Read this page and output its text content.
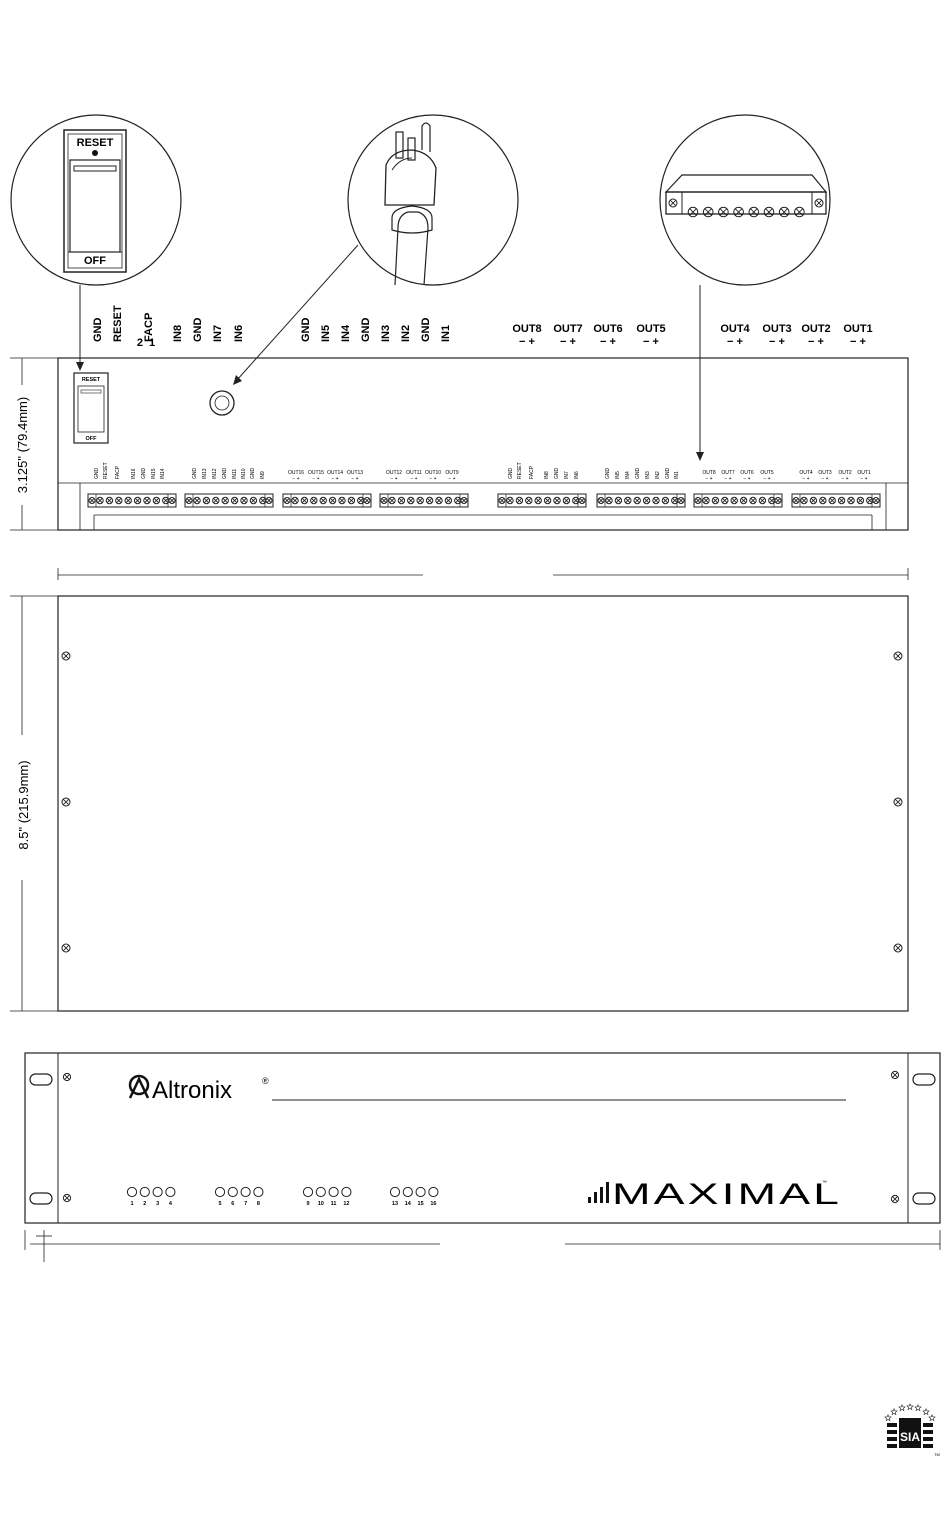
RESET
OFF
GND RESET FACP IN8 GND IN7 IN6
2  1
GND IN5 IN4 GND IN3 IN2 GND IN1	OUT8
− +
OUT7
− +
OUT6
− +
OUT5
− +
OUT4
− +
OUT3
− +
OUT2
− +
OUT1
− +
RESET
OFF
GND RESET FACP IN16 GND IN15 IN14	GND IN13 IN12 GND IN11 IN10 GND IN9	OUT16
− +
OUT15
− +
OUT14
− +
OUT13
− +
OUT12
− +
OUT11
− +
OUT10
− +
OUT9
− +	GND RESET FACP IN8 GND IN7 IN6	GND IN5 IN4 GND IN3 IN2 GND IN1	OUT8
− +
OUT7
− +
OUT6
− +
OUT5
− +
OUT4
− +
OUT3
− +
OUT2
− +
OUT1
− +
3.125" (79.4mm)
8.5" (215.9mm)
Altronix	®
1 2 3 4	5 6 7 8	9 10 11 12	13 14 15 16	MAXIMAL
™
SIA
TM
